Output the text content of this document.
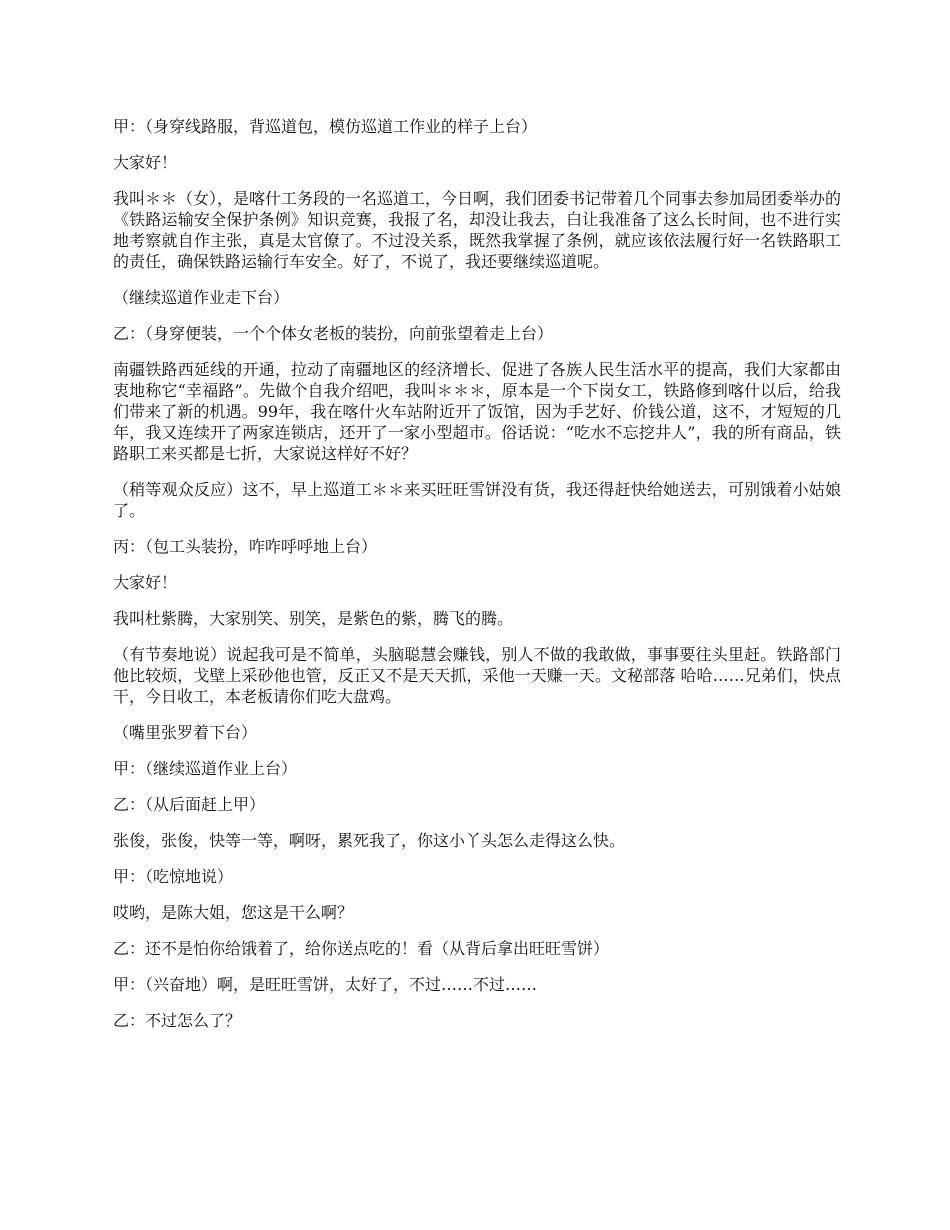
甲：（身穿线路服，背巡道包，模仿巡道工作业的样子上台）

大家好！

我叫＊＊（女），是喀什工务段的一名巡道工，今日啊，我们团委书记带着几个同事去参加局团委举办的《铁路运输安全保护条例》知识竞赛，我报了名，却没让我去，白让我准备了这么长时间，也不进行实地考察就自作主张，真是太官僚了。不过没关系，既然我掌握了条例，就应该依法履行好一名铁路职工的责任，确保铁路运输行车安全。好了，不说了，我还要继续巡道呢。

（继续巡道作业走下台）

乙：（身穿便装，一个个体女老板的装扮，向前张望着走上台）

南疆铁路西延线的开通，拉动了南疆地区的经济增长、促进了各族人民生活水平的提高，我们大家都由衷地称它“幸福路”。先做个自我介绍吧，我叫＊＊＊，原本是一个下岗女工，铁路修到喀什以后，给我们带来了新的机遇。99年，我在喀什火车站附近开了饭馆，因为手艺好、价钱公道，这不，才短短的几年，我又连续开了两家连锁店，还开了一家小型超市。俗话说：“吃水不忘挖井人”，我的所有商品，铁路职工来买都是七折，大家说这样好不好？

（稍等观众反应）这不，早上巡道工＊＊来买旺旺雪饼没有货，我还得赶快给她送去，可别饿着小姑娘了。

丙：（包工头装扮，咋咋呼呼地上台）

大家好！

我叫杜紫腾，大家别笑、别笑，是紫色的紫，腾飞的腾。

（有节奏地说）说起我可是不简单，头脑聪慧会赚钱，别人不做的我敢做，事事要往头里赶。铁路部门他比较烦，戈壁上采砂他也管，反正又不是天天抓，采他一天赚一天。文秘部落 哈哈……兄弟们，快点干，今日收工，本老板请你们吃大盘鸡。

（嘴里张罗着下台）

甲：（继续巡道作业上台）

乙：（从后面赶上甲）

张俊，张俊，快等一等，啊呀，累死我了，你这小丫头怎么走得这么快。

甲：（吃惊地说）

哎哟，是陈大姐，您这是干么啊？

乙：还不是怕你给饿着了，给你送点吃的！看（从背后拿出旺旺雪饼）

甲：（兴奋地）啊，是旺旺雪饼，太好了，不过……不过……

乙：不过怎么了？
